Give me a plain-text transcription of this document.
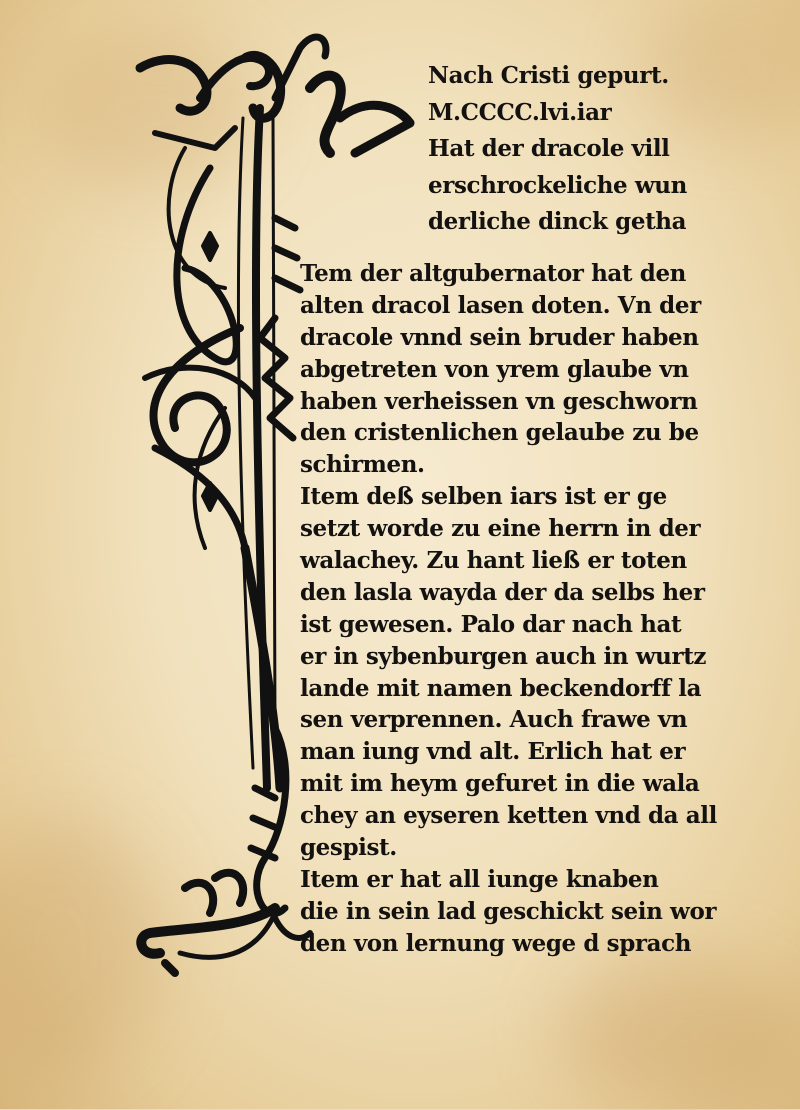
Nach Cristi gepurt.
M.CCCC.lvi.iar
Hat der dracole vill
erschrockeliche wun
derliche dinck getha
Tem der altgubernator hat den
alten dracol lasen doten. Vn der
dracole vnnd sein bruder haben
abgetreten von yrem glaube vn
haben verheissen vn geschworn
den cristenlichen gelaube zu be
schirmen.
Item deß selben iars ist er ge
setzt worde zu eine herrn in der
walachey. Zu hant ließ er toten
den lasla wayda der da selbs her
ist gewesen. Palo dar nach hat
er in sybenburgen auch in wurtz
lande mit namen beckendorff la
sen verprennen. Auch frawe vn
man iung vnd alt. Erlich hat er
mit im heym gefuret in die wala
chey an eyseren ketten vnd da all
gespist.
Item er hat all iunge knaben
die in sein lad geschickt sein wor
den von lernung wege d sprach
